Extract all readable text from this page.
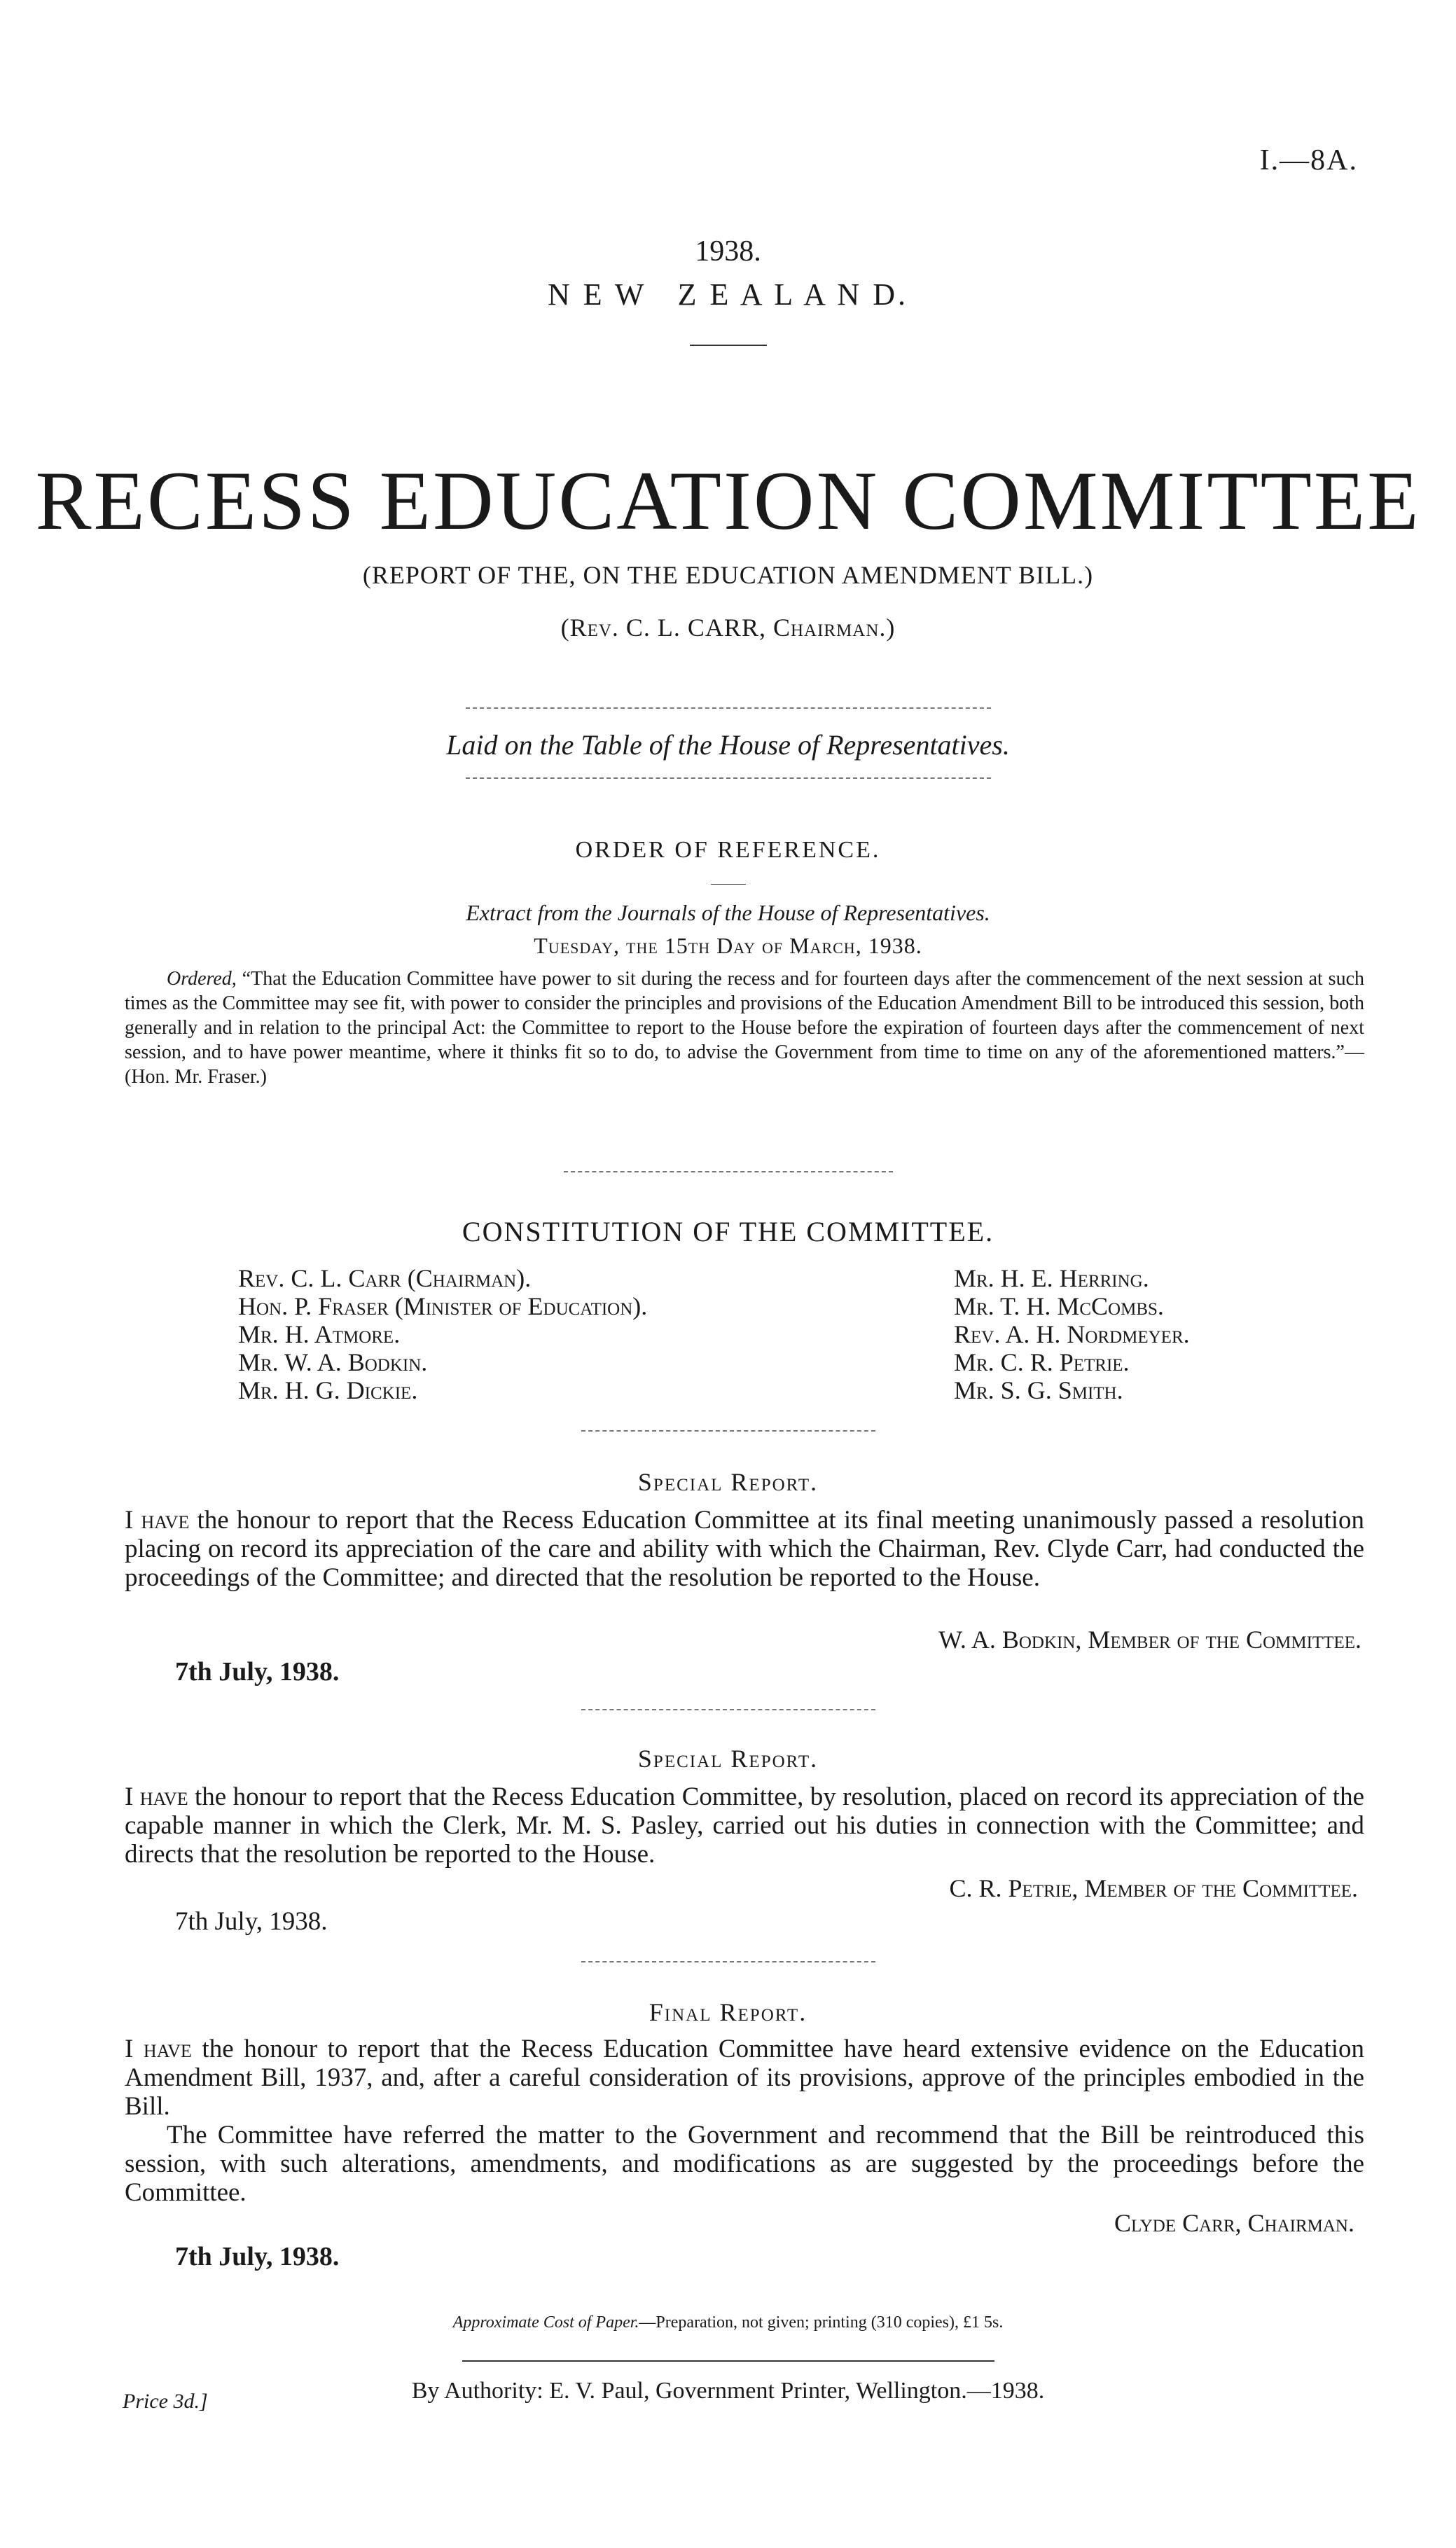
I.—8A.
1938.
N E W   Z E A L A N D.
RECESS EDUCATION COMMITTEE
(REPORT OF THE, ON THE EDUCATION AMENDMENT BILL.)
(Rev. C. L. CARR, Chairman.)
Laid on the Table of the House of Representatives.
ORDER OF REFERENCE.
Extract from the Journals of the House of Representatives.
Tuesday, the 15th Day of March, 1938.
Ordered, “That the Education Committee have power to sit during the recess and for fourteen days after the commencement of the next session at such times as the Committee may see fit, with power to consider the principles and provisions of the Education Amendment Bill to be introduced this session, both generally and in relation to the principal Act: the Committee to report to the House before the expiration of fourteen days after the commencement of next session, and to have power meantime, where it thinks fit so to do, to advise the Government from time to time on any of the aforementioned matters.”—(Hon. Mr. Fraser.)
CONSTITUTION OF THE COMMITTEE.
Rev. C. L. Carr (Chairman).
Hon. P. Fraser (Minister of Education).
Mr. H. Atmore.
Mr. W. A. Bodkin.
Mr. H. G. Dickie.
Mr. H. E. Herring.
Mr. T. H. McCombs.
Rev. A. H. Nordmeyer.
Mr. C. R. Petrie.
Mr. S. G. Smith.
Special Report.
I have the honour to report that the Recess Education Committee at its final meeting unanimously passed a resolution placing on record its appreciation of the care and ability with which the Chairman, Rev. Clyde Carr, had conducted the proceedings of the Committee; and directed that the resolution be reported to the House.
W. A. Bodkin, Member of the Committee.
7th July, 1938.
Special Report.
I have the honour to report that the Recess Education Committee, by resolution, placed on record its appreciation of the capable manner in which the Clerk, Mr. M. S. Pasley, carried out his duties in connection with the Committee; and directs that the resolution be reported to the House.
C. R. Petrie, Member of the Committee.
7th July, 1938.
Final Report.
I have the honour to report that the Recess Education Committee have heard extensive evidence on the Education Amendment Bill, 1937, and, after a careful consideration of its provisions, approve of the principles embodied in the Bill.
The Committee have referred the matter to the Government and recommend that the Bill be reintroduced this session, with such alterations, amendments, and modifications as are suggested by the proceedings before the Committee.
Clyde Carr, Chairman.
7th July, 1938.
Approximate Cost of Paper.—Preparation, not given; printing (310 copies), £1 5s.
By Authority: E. V. Paul, Government Printer, Wellington.—1938.
Price 3d.]
